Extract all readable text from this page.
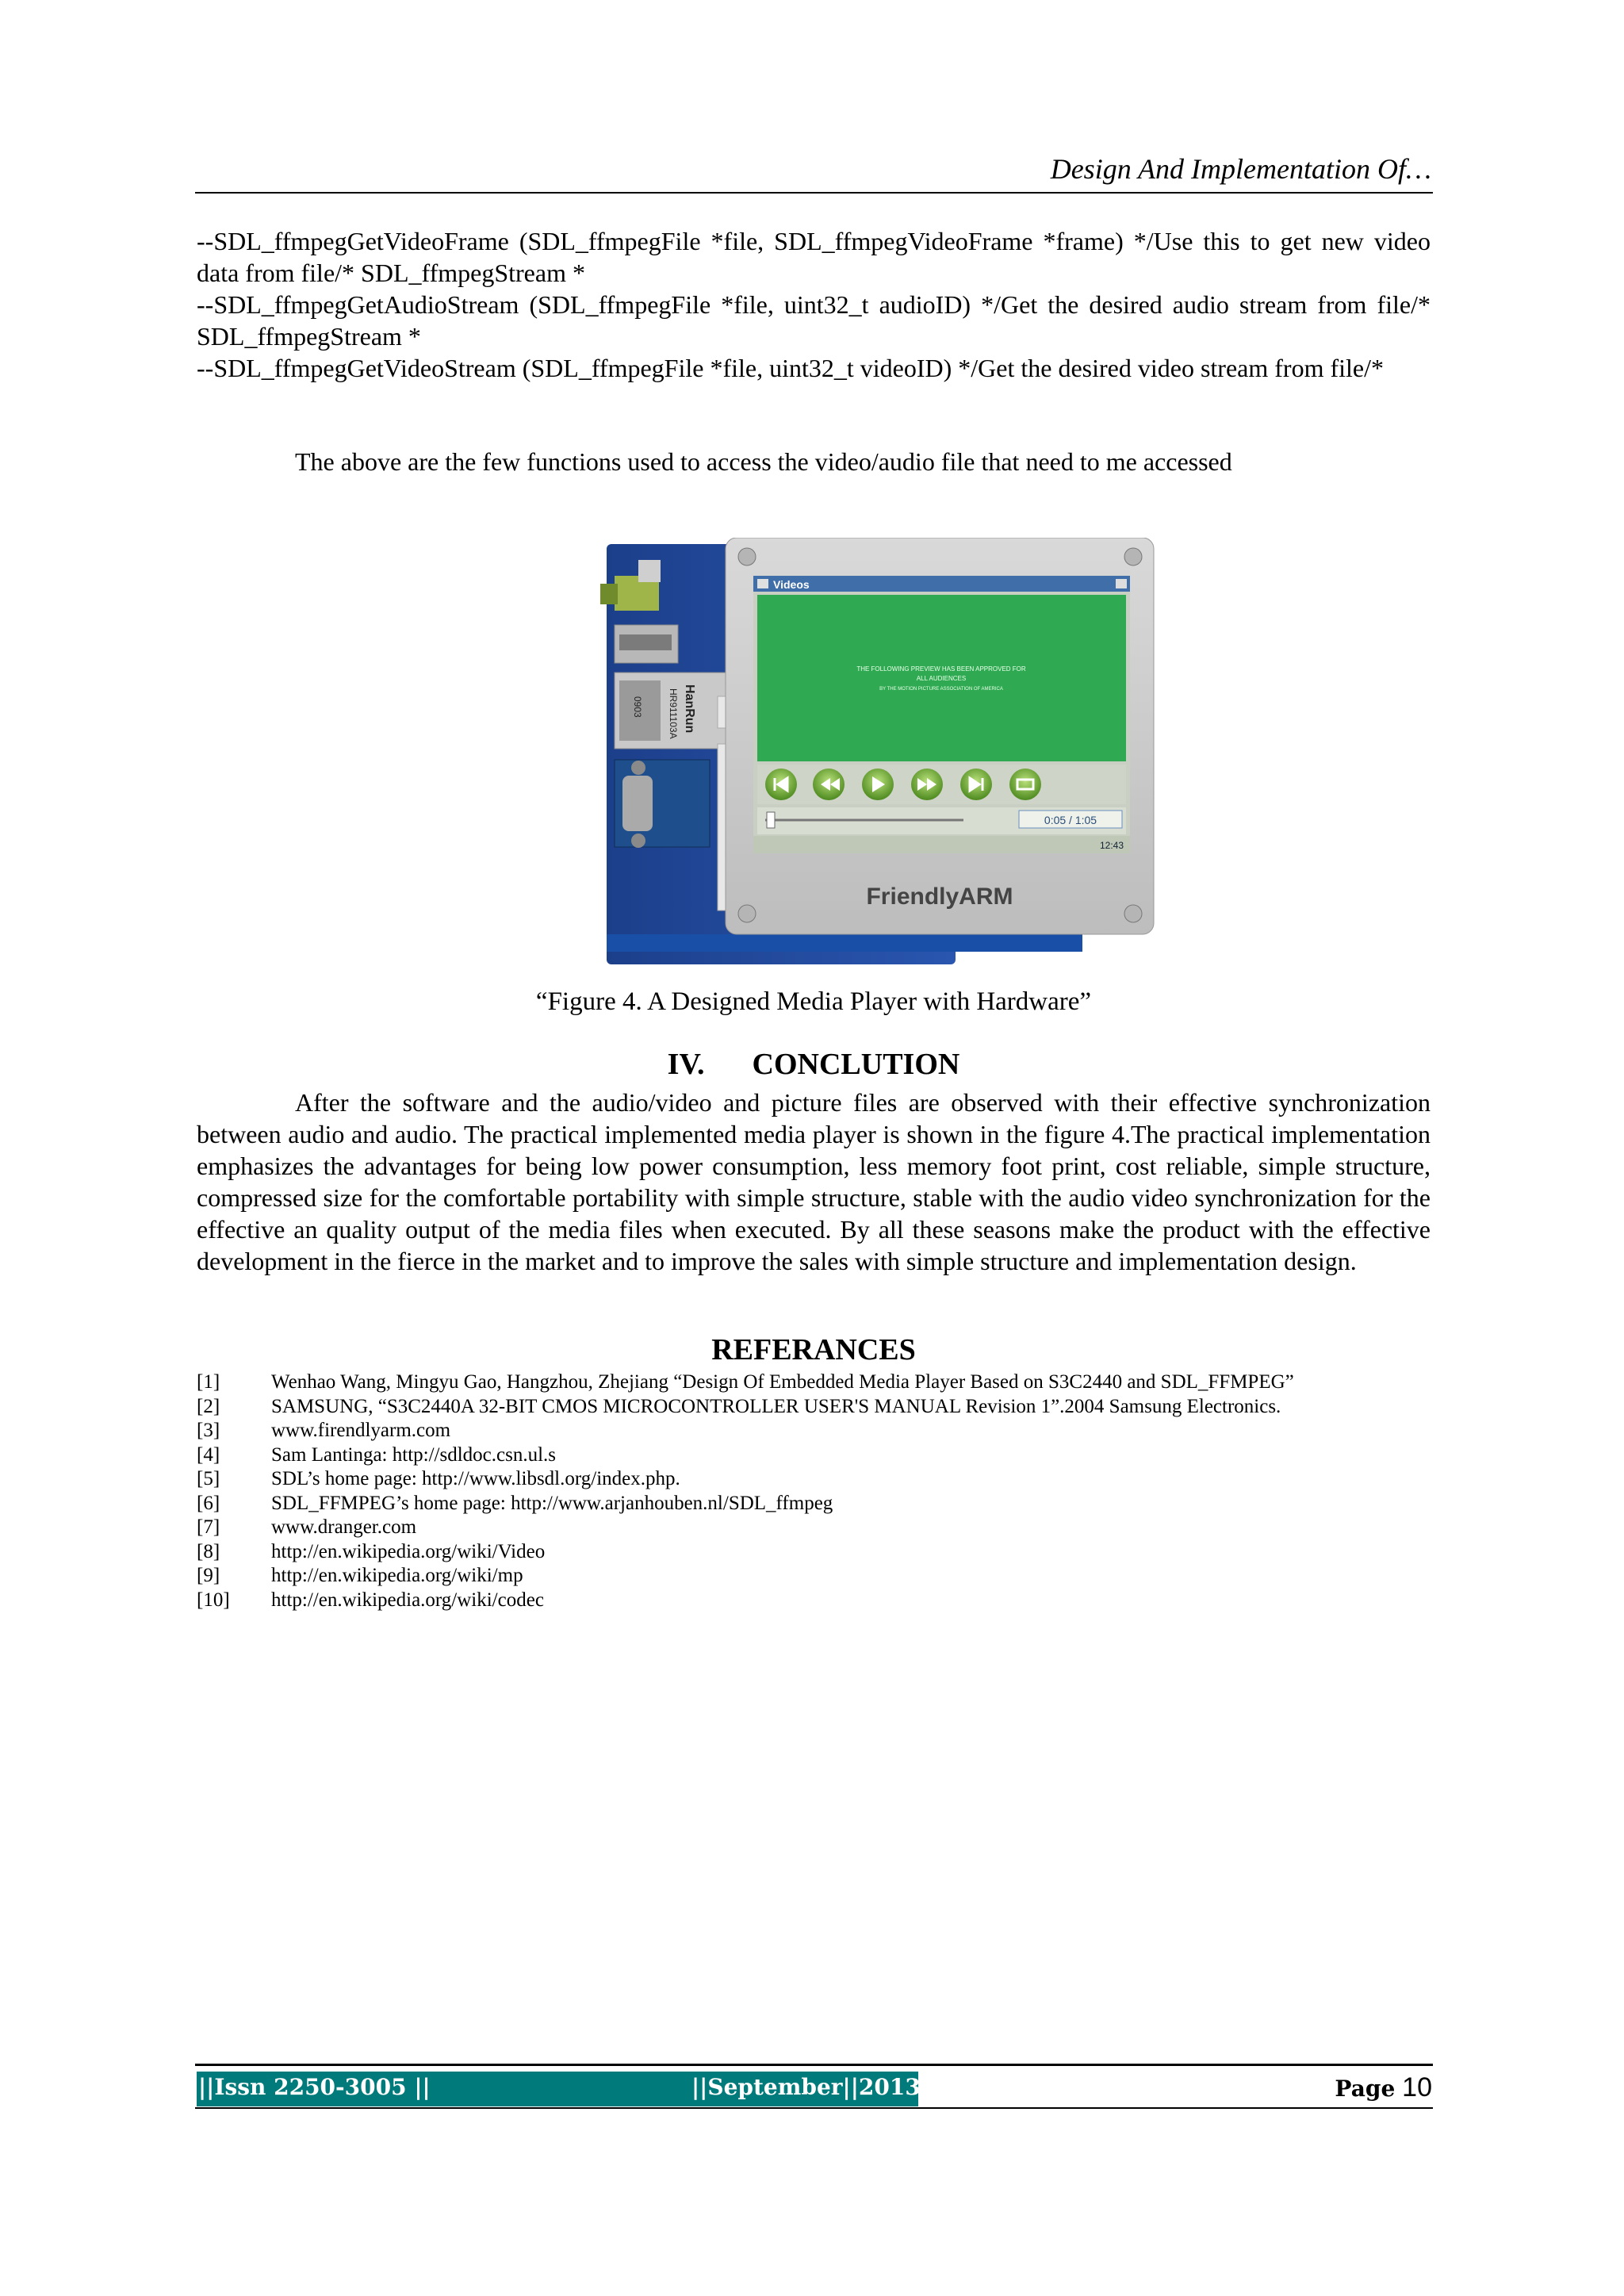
Design And Implementation Of…

--SDL_ffmpegGetVideoFrame (SDL_ffmpegFile *file, SDL_ffmpegVideoFrame *frame) */Use this to get new video data from file/* SDL_ffmpegStream *

--SDL_ffmpegGetAudioStream (SDL_ffmpegFile *file, uint32_t audioID) */Get the desired audio stream from file/* SDL_ffmpegStream *

--SDL_ffmpegGetVideoStream (SDL_ffmpegFile *file, uint32_t videoID) */Get the desired video stream from file/*

The above are the few functions used to access the video/audio file that need to me accessed
HanRun
HR911103A
0903
FriendlyARM
Videos
THE FOLLOWING PREVIEW HAS BEEN APPROVED FOR
ALL AUDIENCES
BY THE MOTION PICTURE ASSOCIATION OF AMERICA
0:05 / 1:05
12:43
“Figure 4. A Designed Media Player with Hardware”
IV. CONCLUTION

After the software and the audio/video and picture files are observed with their effective synchronization between audio and audio. The practical implemented media player is shown in the figure 4.The practical implementation emphasizes the advantages for being low power consumption, less memory foot print, cost reliable, simple structure, compressed size for the comfortable portability with simple structure, stable with the audio video synchronization for the effective an quality output of the media files when executed. By all these seasons make the product with the effective development in the fierce in the market and to improve the sales with simple structure and implementation design.

REFERANCES
[1]	Wenhao Wang, Mingyu Gao, Hangzhou, Zhejiang “Design Of Embedded Media Player Based on S3C2440 and SDL_FFMPEG”
[2]	SAMSUNG, “S3C2440A 32-BIT CMOS MICROCONTROLLER USER'S MANUAL Revision 1”.2004 Samsung Electronics.
[3]	www.firendlyarm.com
[4]	Sam Lantinga: http://sdldoc.csn.ul.s
[5]	SDL’s home page: http://www.libsdl.org/index.php.
[6]	SDL_FFMPEG’s home page: http://www.arjanhouben.nl/SDL_ffmpeg
[7]	www.dranger.com
[8]	http://en.wikipedia.org/wiki/Video
[9]	http://en.wikipedia.org/wiki/mp
[10]	http://en.wikipedia.org/wiki/codec
||Issn 2250-3005 ||	||September||2013||	Page 10
